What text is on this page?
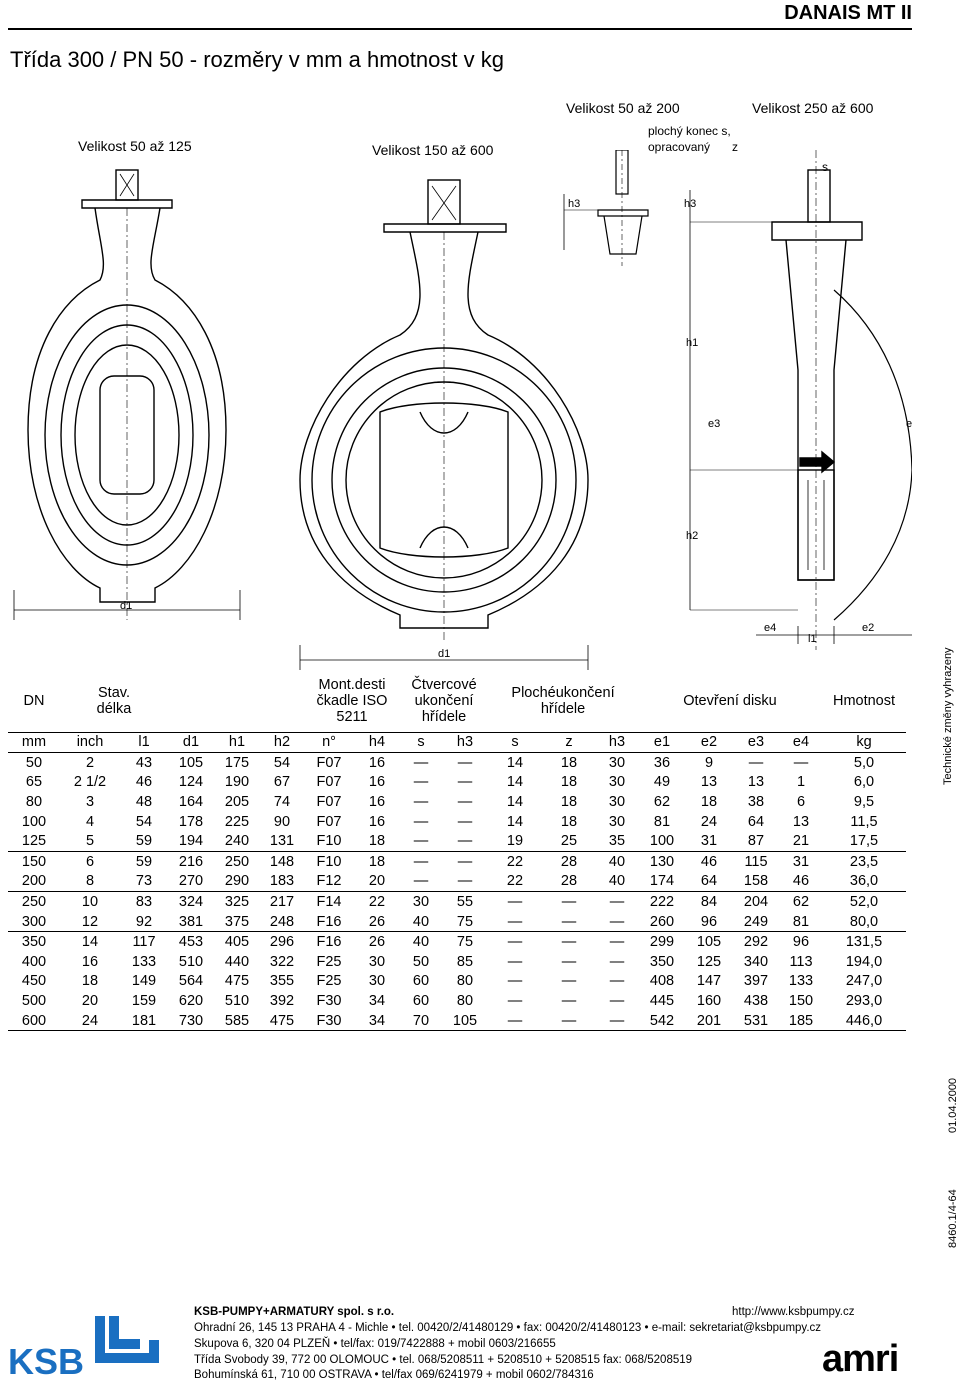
DANAIS MT II
Třída 300 / PN 50 - rozměry v mm a hmotnost v kg
Velikost 50 až 125	Velikost 150 až 600
Velikost 50 až 200	Velikost 250 až 600
plochý konec s,
opracovaný z
s
h3	h3
h1
e3	e
h2
d1
d1
e4
l1
e2
DN	Stav.
délka					Mont.desti
čkadle ISO
5211		Čtvercové
ukončení
hřídele		Plochéukončení
hřídele			Otevření disku				Hmotnost
mm	inch	l1	d1	h1	h2	n°	h4	s	h3	s	z	h3	e1	e2	e3	e4	kg
50	2	43	105	175	54	F07	16	—	—	14	18	30	36	9	—	—	5,0
65	2 1/2	46	124	190	67	F07	16	—	—	14	18	30	49	13	13	1	6,0
80	3	48	164	205	74	F07	16	—	—	14	18	30	62	18	38	6	9,5
100	4	54	178	225	90	F07	16	—	—	14	18	30	81	24	64	13	11,5
125	5	59	194	240	131	F10	18	—	—	19	25	35	100	31	87	21	17,5
150	6	59	216	250	148	F10	18	—	—	22	28	40	130	46	115	31	23,5
200	8	73	270	290	183	F12	20	—	—	22	28	40	174	64	158	46	36,0
250	10	83	324	325	217	F14	22	30	55	—	—	—	222	84	204	62	52,0
300	12	92	381	375	248	F16	26	40	75	—	—	—	260	96	249	81	80,0
350	14	117	453	405	296	F16	26	40	75	—	—	—	299	105	292	96	131,5
400	16	133	510	440	322	F25	30	50	85	—	—	—	350	125	340	113	194,0
450	18	149	564	475	355	F25	30	60	80	—	—	—	408	147	397	133	247,0
500	20	159	620	510	392	F30	34	60	80	—	—	—	445	160	438	150	293,0
600	24	181	730	585	475	F30	34	70	105	—	—	—	542	201	531	185	446,0
Technické změny vyhrazeny
8460.1/4-64
01.04.2000
KSB
KSB-PUMPY+ARMATURY spol. s r.o.	http://www.ksbpumpy.cz
Ohradní 26, 145 13 PRAHA 4 - Michle • tel. 00420/2/41480129 • fax: 00420/2/41480123 • e-mail: sekretariat@ksbpumpy.cz
Skupova 6, 320 04 PLZEŇ • tel/fax: 019/7422888 + mobil 0603/216655
Třída Svobody 39, 772 00 OLOMOUC • tel. 068/5208511 + 5208510 + 5208515 fax: 068/5208519
Bohumínská 61, 710 00 OSTRAVA • tel/fax 069/6241979 + mobil 0602/784316	amri
